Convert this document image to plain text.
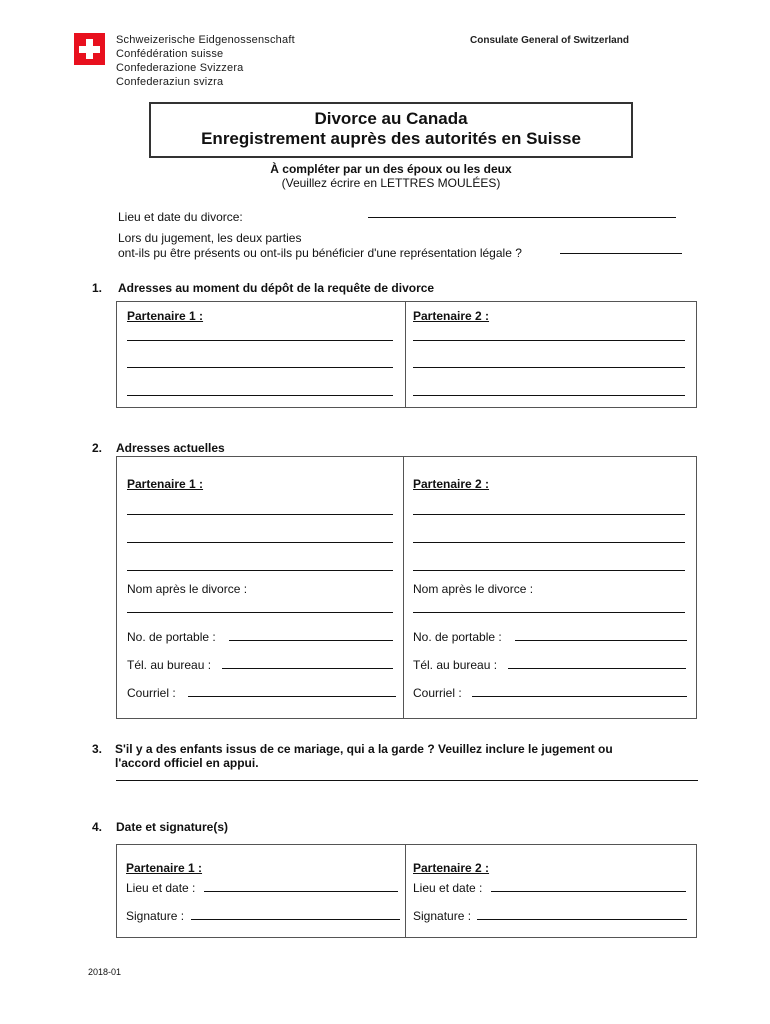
Schweizerische Eidgenossenschaft
Confédération suisse
Confederazione Svizzera
Confederaziun svizra
Consulate General of Switzerland
Divorce au Canada
Enregistrement auprès des autorités en Suisse
À compléter par un des époux ou les deux
(Veuillez écrire en LETTRES MOULÉES)
Lieu et date du divorce:
Lors du jugement, les deux parties
ont-ils pu être présents ou ont-ils pu bénéficier d'une représentation légale ?
1. Adresses au moment du dépôt de la requête de divorce
Partenaire 1 :	Partenaire 2 :
2. Adresses actuelles
Partenaire 1 :	Partenaire 2 :
Nom après le divorce :	Nom après le divorce :
No. de portable :	No. de portable :
Tél. au bureau :	Tél. au bureau :
Courriel :	Courriel :
3. S'il y a des enfants issus de ce mariage, qui a la garde ? Veuillez inclure le jugement ou
l'accord officiel en appui.
4. Date et signature(s)
Partenaire 1 :	Partenaire 2 :
Lieu et date :	Lieu et date :
Signature :	Signature :
2018-01
